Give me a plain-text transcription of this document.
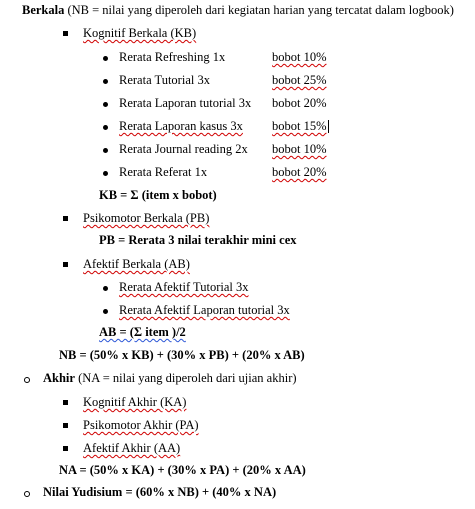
Berkala (NB = nilai yang diperoleh dari kegiatan harian yang tercatat dalam logbook)
Kognitif Berkala (KB)
Rerata Refreshing 1x	bobot 10%
Rerata Tutorial 3x	bobot 25%
Rerata Laporan tutorial 3x bobot 20%
Rerata Laporan kasus 3x bobot 15%
Rerata Journal reading 2x bobot 10%
Rerata Referat 1x	bobot 20%
KB = Σ (item x bobot)
Psikomotor Berkala (PB)
PB = Rerata 3 nilai terakhir mini cex
Afektif Berkala (AB)
Rerata Afektif Tutorial 3x
Rerata Afektif Laporan tutorial 3x
AB = (Σ item )/2
NB = (50% x KB) + (30% x PB) + (20% x AB)
Akhir (NA = nilai yang diperoleh dari ujian akhir)
Kognitif Akhir (KA)
Psikomotor Akhir (PA)
Afektif Akhir (AA)
NA = (50% x KA) + (30% x PA) + (20% x AA)
Nilai Yudisium = (60% x NB) + (40% x NA)
